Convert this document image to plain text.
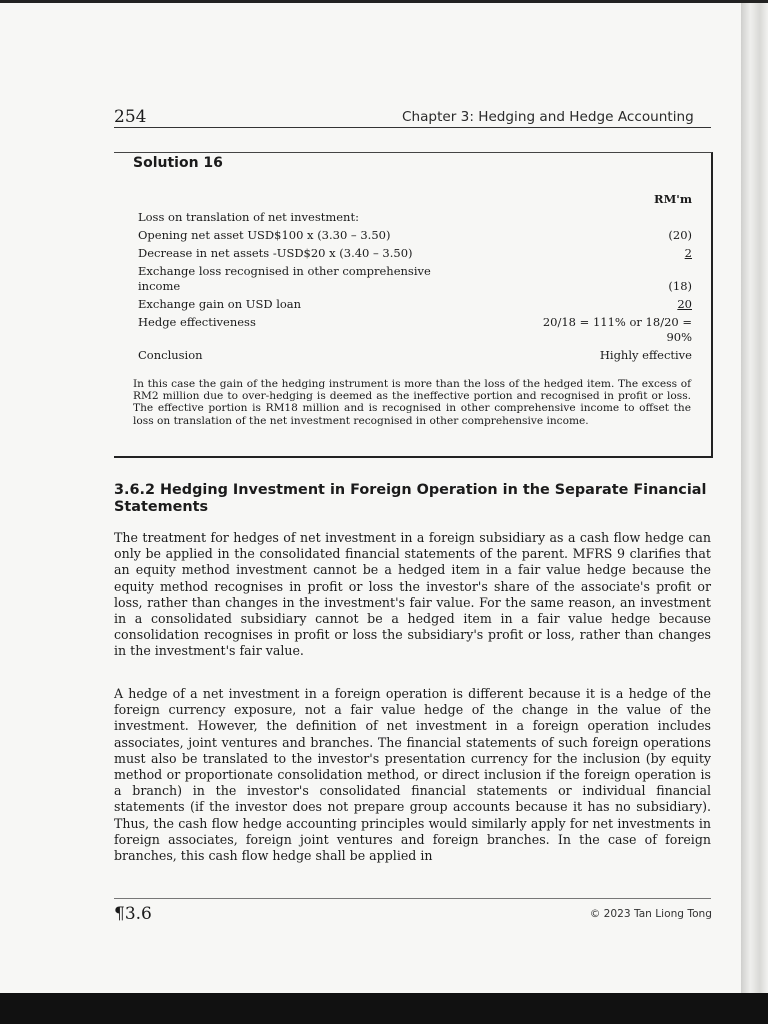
254	Chapter 3: Hedging and Hedge Accounting
Solution 16
RM'm
Loss on translation of net investment:
Opening net asset USD$100 x (3.30 – 3.50)	(20)
Decrease in net assets -USD$20 x (3.40 – 3.50)	2
Exchange loss recognised in other comprehensive
income	(18)
Exchange gain on USD loan	20
Hedge effectiveness	20/18 = 111% or 18/20 =
90%
Conclusion	Highly effective
In this case the gain of the hedging instrument is more than the loss of the hedged item. The excess of RM2 million due to over-hedging is deemed as the ineffective portion and recognised in profit or loss. The effective portion is RM18 million and is recognised in other comprehensive income to offset the loss on translation of the net investment recognised in other comprehensive income.
3.6.2 Hedging Investment in Foreign Operation in the Separate Financial Statements
The treatment for hedges of net investment in a foreign subsidiary as a cash flow hedge can only be applied in the consolidated financial statements of the parent. MFRS 9 clarifies that an equity method investment cannot be a hedged item in a fair value hedge because the equity method recognises in profit or loss the investor's share of the associate's profit or loss, rather than changes in the investment's fair value. For the same reason, an investment in a consolidated subsidiary cannot be a hedged item in a fair value hedge because consolidation recognises in profit or loss the subsidiary's profit or loss, rather than changes in the investment's fair value.
A hedge of a net investment in a foreign operation is different because it is a hedge of the foreign currency exposure, not a fair value hedge of the change in the value of the investment. However, the definition of net investment in a foreign operation includes associates, joint ventures and branches. The financial statements of such foreign operations must also be translated to the investor's presentation currency for the inclusion (by equity method or proportionate consolidation method, or direct inclusion if the foreign operation is a branch) in the investor's consolidated financial statements or individual financial statements (if the investor does not prepare group accounts because it has no subsidiary). Thus, the cash flow hedge accounting principles would similarly apply for net investments in foreign associates, foreign joint ventures and foreign branches. In the case of foreign branches, this cash flow hedge shall be applied in
¶3.6	© 2023 Tan Liong Tong
